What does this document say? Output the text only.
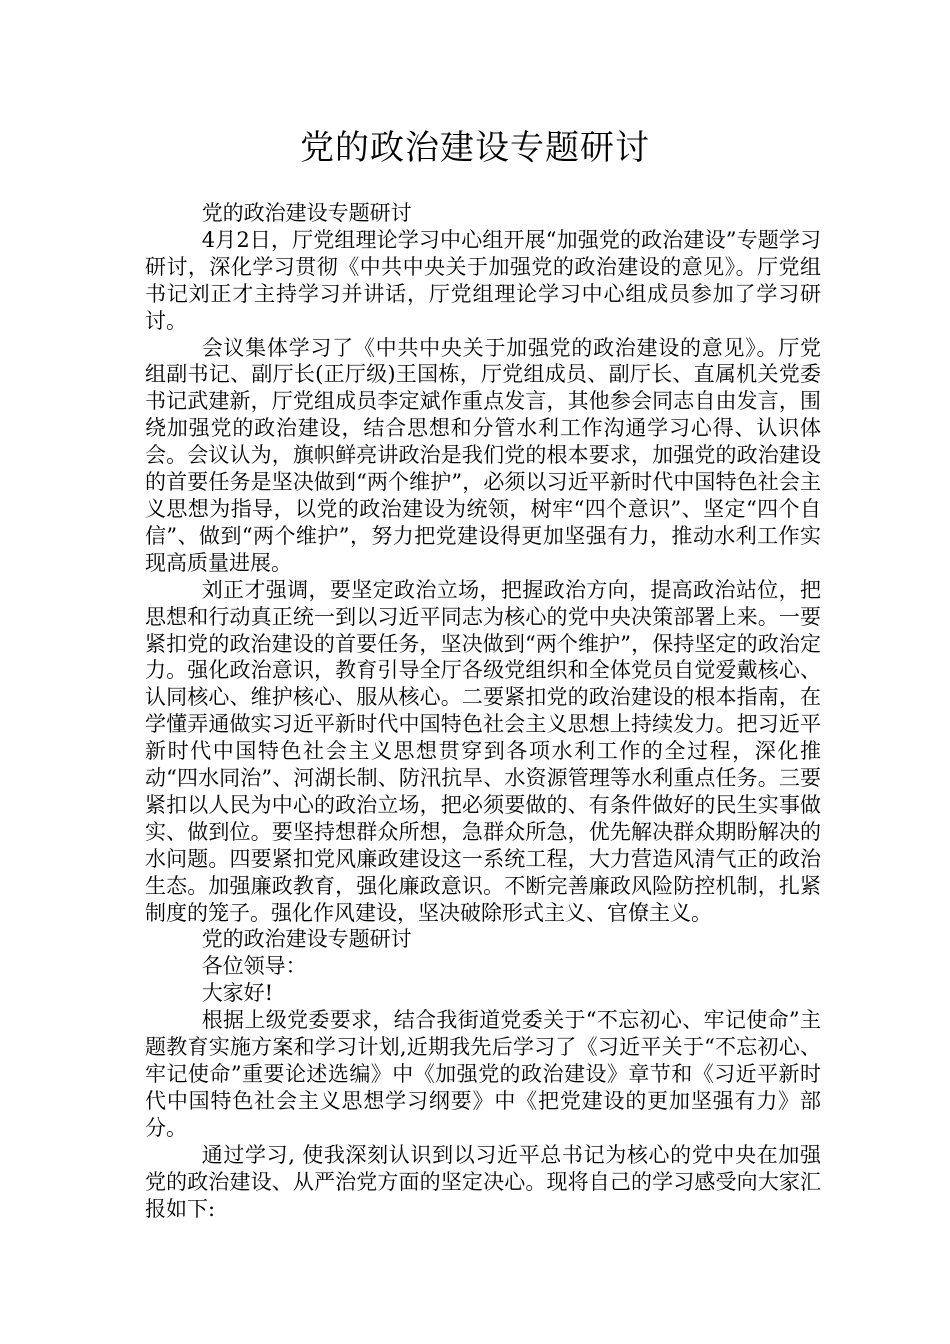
党的政治建设专题研讨

党的政治建设专题研讨

4月2日，厅党组理论学习中心组开展“加强党的政治建设”专题学习研讨，深化学习贯彻《中共中央关于加强党的政治建设的意见》。厅党组书记刘正才主持学习并讲话，厅党组理论学习中心组成员参加了学习研讨。

会议集体学习了《中共中央关于加强党的政治建设的意见》。厅党组副书记、副厅长(正厅级)王国栋，厅党组成员、副厅长、直属机关党委书记武建新，厅党组成员李定斌作重点发言，其他参会同志自由发言，围绕加强党的政治建设，结合思想和分管水利工作沟通学习心得、认识体会。会议认为，旗帜鲜亮讲政治是我们党的根本要求，加强党的政治建设的首要任务是坚决做到“两个维护”，必须以习近平新时代中国特色社会主义思想为指导，以党的政治建设为统领，树牢“四个意识”、坚定“四个自信”、做到“两个维护”，努力把党建设得更加坚强有力，推动水利工作实现高质量进展。

刘正才强调，要坚定政治立场，把握政治方向，提高政治站位，把思想和行动真正统一到以习近平同志为核心的党中央决策部署上来。一要紧扣党的政治建设的首要任务，坚决做到“两个维护”，保持坚定的政治定力。强化政治意识，教育引导全厅各级党组织和全体党员自觉爱戴核心、认同核心、维护核心、服从核心。二要紧扣党的政治建设的根本指南，在学懂弄通做实习近平新时代中国特色社会主义思想上持续发力。把习近平新时代中国特色社会主义思想贯穿到各项水利工作的全过程，深化推动“四水同治”、河湖长制、防汛抗旱、水资源管理等水利重点任务。三要紧扣以人民为中心的政治立场，把必须要做的、有条件做好的民生实事做实、做到位。要坚持想群众所想，急群众所急，优先解决群众期盼解决的水问题。四要紧扣党风廉政建设这一系统工程，大力营造风清气正的政治生态。加强廉政教育，强化廉政意识。不断完善廉政风险防控机制，扎紧制度的笼子。强化作风建设，坚决破除形式主义、官僚主义。

党的政治建设专题研讨

各位领导：

大家好!

根据上级党委要求，结合我街道党委关于“不忘初心、牢记使命”主题教育实施方案和学习计划,近期我先后学习了《习近平关于“不忘初心、牢记使命”重要论述选编》中《加强党的政治建设》章节和《习近平新时代中国特色社会主义思想学习纲要》中《把党建设的更加坚强有力》部分。

通过学习, 使我深刻认识到以习近平总书记为核心的党中央在加强党的政治建设、从严治党方面的坚定决心。现将自己的学习感受向大家汇报如下:
